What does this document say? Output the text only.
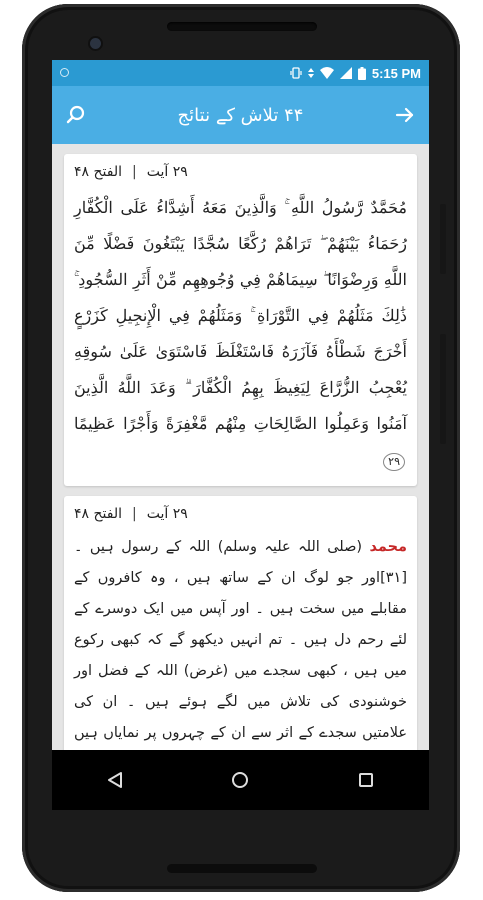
5:15 PM
۴۴ تلاش کے نتائج
۲۹ آیت
|
الفتح ۴۸
مُحَمَّدٌ رَّسُولُ اللَّهِ ۚ وَالَّذِينَ مَعَهُ أَشِدَّاءُ عَلَى الْكُفَّارِ رُحَمَاءُ بَيْنَهُمْ ۖ تَرَاهُمْ رُكَّعًا سُجَّدًا يَبْتَغُونَ فَضْلًا مِّنَ اللَّهِ وَرِضْوَانًا ۖ سِيمَاهُمْ فِي وُجُوهِهِم مِّنْ أَثَرِ السُّجُودِ ۚ ذَٰلِكَ مَثَلُهُمْ فِي التَّوْرَاةِ ۚ وَمَثَلُهُمْ فِي الْإِنجِيلِ كَزَرْعٍ أَخْرَجَ شَطْأَهُ فَآزَرَهُ فَاسْتَغْلَظَ فَاسْتَوَىٰ عَلَىٰ سُوقِهِ يُعْجِبُ الزُّرَّاعَ لِيَغِيظَ بِهِمُ الْكُفَّارَ ۗ وَعَدَ اللَّهُ الَّذِينَ آمَنُوا وَعَمِلُوا الصَّالِحَاتِ مِنْهُم مَّغْفِرَةً وَأَجْرًا عَظِيمًا ۲۹
۲۹ آیت
|
الفتح ۴۸
محمد (صلی اللہ علیہ وسلم) اللہ کے رسول ہیں ۔ [۳۱]اور جو لوگ ان کے ساتھ ہیں ، وہ کافروں کے مقابلے میں سخت ہیں ۔ اور آپس میں ایک دوسرے کے لئے رحم دل ہیں ۔ تم انہیں دیکھو گے کہ کبھی رکوع میں ہیں ، کبھی سجدے میں (غرض) اللہ کے فضل اور خوشنودی کی تلاش میں لگے ہوئے ہیں ۔ ان کی علامتیں سجدے کے اثر سے ان کے چہروں پر نمایاں ہیں
